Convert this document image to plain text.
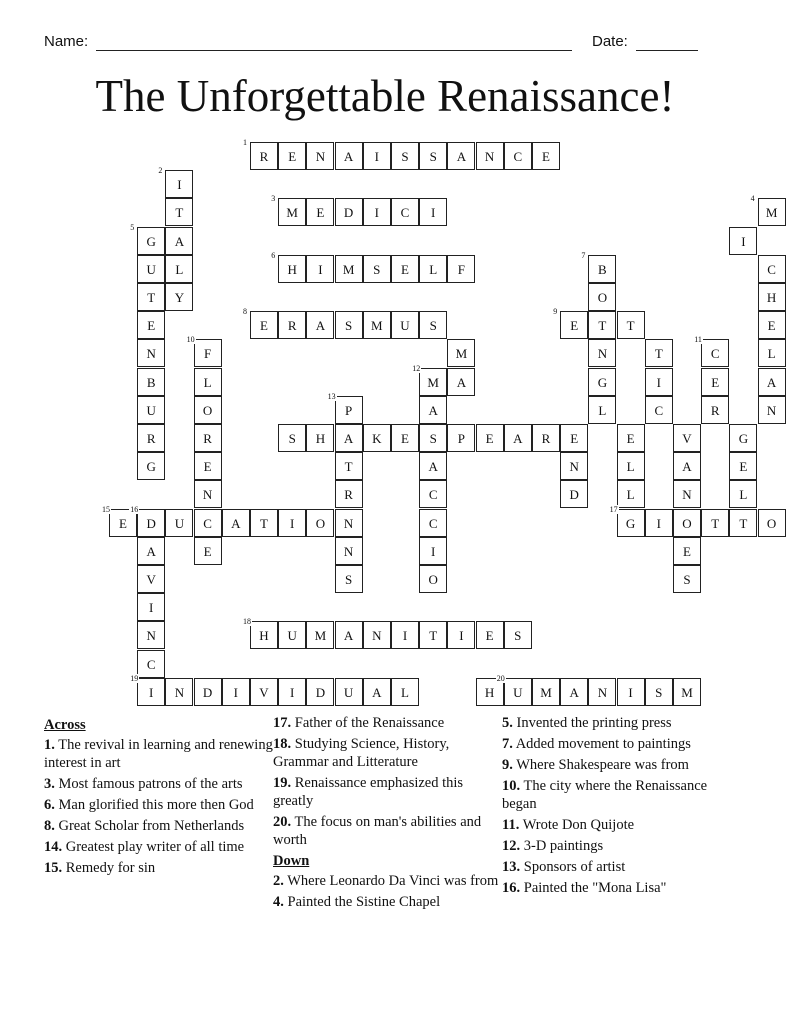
Name:	Date:
The Unforgettable Renaissance!
R
1
E	N	A	I	S	S	A	N	C	E
I
2
T	M
3
E	D	I	C	I	M
4
G
5
A	I
U	L	H
6
I	M	S	E	L	F	B
7
C
T	Y	O	H
E	E
8
R	A	S	M	U	S	E
9
T	T	E
N	F
10
M	N	T	C
11
L
B	L	M
12
A	G	I	E	A
U	O	P
13
A	L	C	R	N
R	R	S	H	A	K	E	S	P	E	A	R	E	E	V	G
G	E	T	A	N	L	A	E
N	R	C	D	L	N	L
E
15
D
16
U	C	A	T	I	O	N	C	G
17
I	O	T	T	O
A	E	N	I	E
V	S	O	S
I
N	H
18
U	M	A	N	I	T	I	E	S
C
I
19
N	D	I	V	I	D	U	A	L	H	U
20
M	A	N	I	S	M
Across
1. The revival in learning and renewing interest in art
3. Most famous patrons of the arts
6. Man glorified this more then God
8. Great Scholar from Netherlands
14. Greatest play writer of all time
15. Remedy for sin
17. Father of the Renaissance
18. Studying Science, History, Grammar and Litterature
19. Renaissance emphasized this greatly
20. The focus on man's abilities and worth
Down
2. Where Leonardo Da Vinci was from
4. Painted the Sistine Chapel
5. Invented the printing press
7. Added movement to paintings
9. Where Shakespeare was from
10. The city where the Renaissance began
11. Wrote Don Quijote
12. 3-D paintings
13. Sponsors of artist
16. Painted the "Mona Lisa"
